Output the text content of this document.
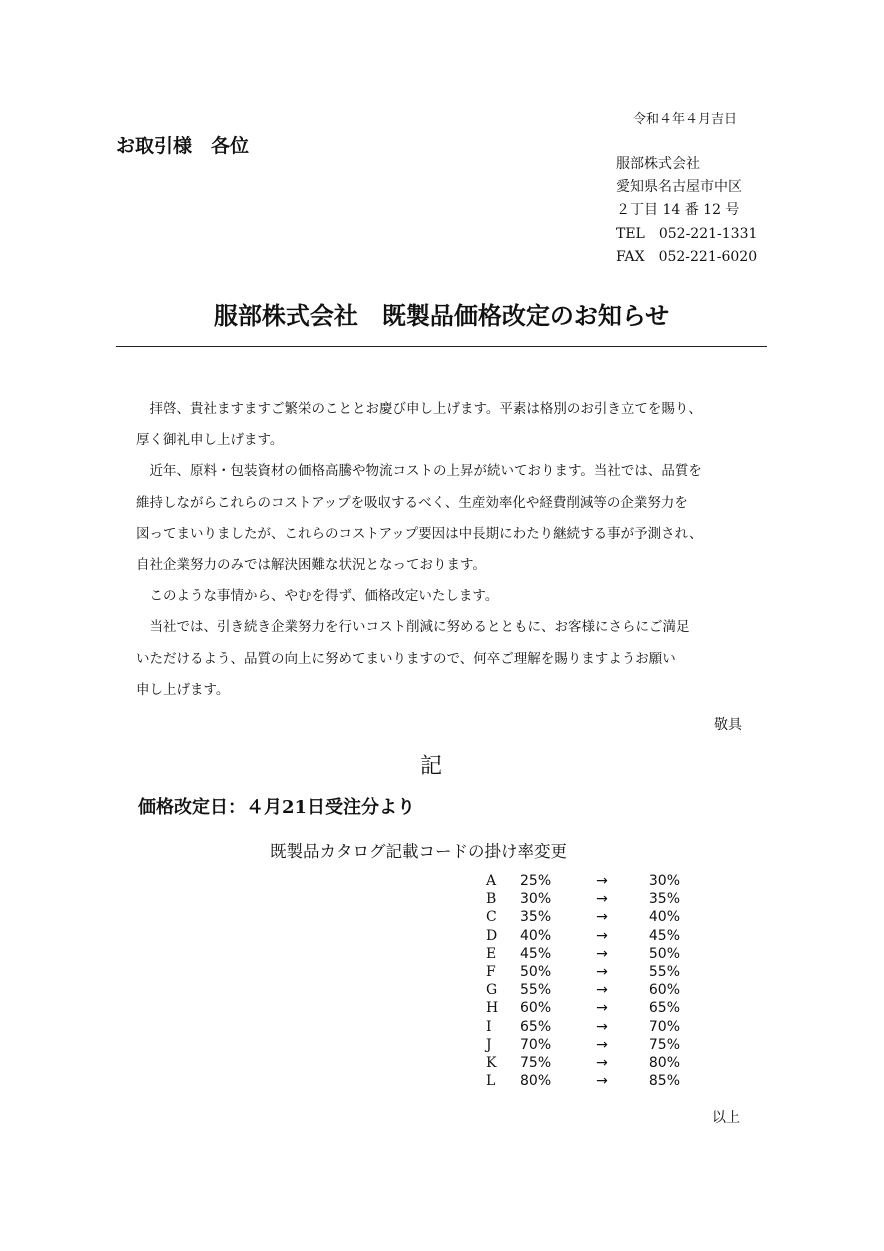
令和４年４月吉日
お取引様　各位
服部株式会社
愛知県名古屋市中区
２丁目 14 番 12 号
TEL　052-221-1331
FAX　052-221-6020
服部株式会社　既製品価格改定のお知らせ
　拝啓、貴社ますますご繁栄のこととお慶び申し上げます。平素は格別のお引き立てを賜り、
厚く御礼申し上げます。
　近年、原料・包装資材の価格高騰や物流コストの上昇が続いております。当社では、品質を
維持しながらこれらのコストアップを吸収するべく、生産効率化や経費削減等の企業努力を
図ってまいりましたが、これらのコストアップ要因は中長期にわたり継続する事が予測され、
自社企業努力のみでは解決困難な状況となっております。
　このような事情から、やむを得ず、価格改定いたします。
　当社では、引き続き企業努力を行いコスト削減に努めるとともに、お客様にさらにご満足
いただけるよう、品質の向上に努めてまいりますので、何卒ご理解を賜りますようお願い
申し上げます。
敬具
記
価格改定日：４月21日受注分より
既製品カタログ記載コードの掛け率変更
A	25%	→	30%
B	30%	→	35%
C	35%	→	40%
D	40%	→	45%
E	45%	→	50%
F	50%	→	55%
G	55%	→	60%
H	60%	→	65%
I	65%	→	70%
J	70%	→	75%
K	75%	→	80%
L	80%	→	85%
以上
